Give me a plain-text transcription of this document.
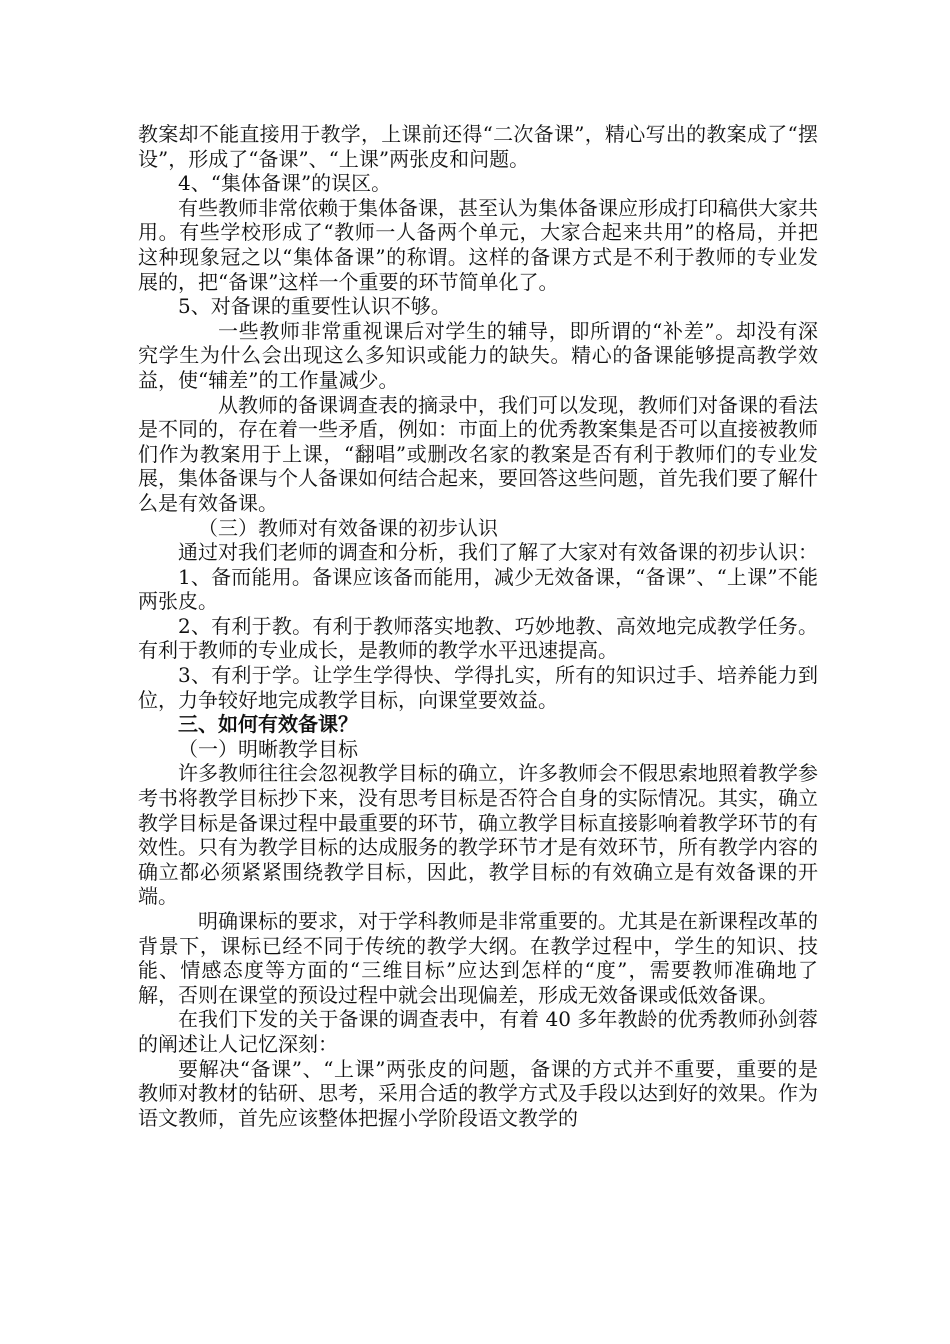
教案却不能直接用于教学，上课前还得“二次备课”，精心写出的教案成了“摆设”，形成了“备课”、“上课”两张皮和问题。

4、“集体备课”的误区。

有些教师非常依赖于集体备课，甚至认为集体备课应形成打印稿供大家共用。有些学校形成了“教师一人备两个单元，大家合起来共用”的格局，并把这种现象冠之以“集体备课”的称谓。这样的备课方式是不利于教师的专业发展的，把“备课”这样一个重要的环节简单化了。

5、对备课的重要性认识不够。

一些教师非常重视课后对学生的辅导，即所谓的“补差”。却没有深究学生为什么会出现这么多知识或能力的缺失。精心的备课能够提高教学效益，使“辅差”的工作量减少。

从教师的备课调查表的摘录中，我们可以发现，教师们对备课的看法是不同的，存在着一些矛盾，例如：市面上的优秀教案集是否可以直接被教师们作为教案用于上课，“翻唱”或删改名家的教案是否有利于教师们的专业发展，集体备课与个人备课如何结合起来，要回答这些问题，首先我们要了解什么是有效备课。

（三）教师对有效备课的初步认识

通过对我们老师的调查和分析，我们了解了大家对有效备课的初步认识：

1、备而能用。备课应该备而能用，减少无效备课，“备课”、“上课”不能两张皮。

2、有利于教。有利于教师落实地教、巧妙地教、高效地完成教学任务。有利于教师的专业成长，是教师的教学水平迅速提高。

3、有利于学。让学生学得快、学得扎实，所有的知识过手、培养能力到位，力争较好地完成教学目标，向课堂要效益。

三、如何有效备课？

（一）明晰教学目标

许多教师往往会忽视教学目标的确立，许多教师会不假思索地照着教学参考书将教学目标抄下来，没有思考目标是否符合自身的实际情况。其实，确立教学目标是备课过程中最重要的环节，确立教学目标直接影响着教学环节的有效性。只有为教学目标的达成服务的教学环节才是有效环节，所有教学内容的确立都必须紧紧围绕教学目标，因此，教学目标的有效确立是有效备课的开端。

明确课标的要求，对于学科教师是非常重要的。尤其是在新课程改革的背景下，课标已经不同于传统的教学大纲。在教学过程中，学生的知识、技能、情感态度等方面的“三维目标”应达到怎样的“度”，需要教师准确地了解，否则在课堂的预设过程中就会出现偏差，形成无效备课或低效备课。

在我们下发的关于备课的调查表中，有着 40 多年教龄的优秀教师孙剑蓉的阐述让人记忆深刻：

要解决“备课”、“上课”两张皮的问题，备课的方式并不重要，重要的是教师对教材的钻研、思考，采用合适的教学方式及手段以达到好的效果。作为语文教师，首先应该整体把握小学阶段语文教学的
